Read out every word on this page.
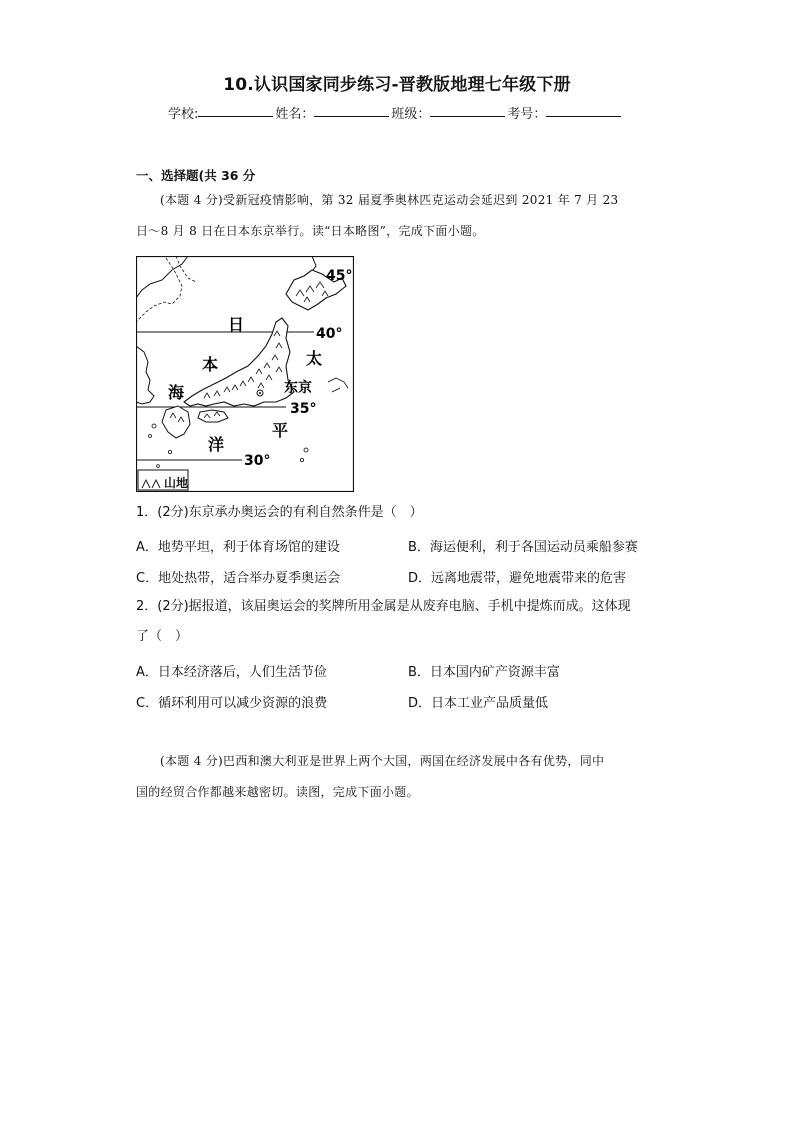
10.认识国家同步练习-晋教版地理七年级下册
学校:	姓名：	班级：	考号：
一、选择题(共 36 分
(本题 4 分)受新冠疫情影响，第 32 届夏季奥林匹克运动会延迟到 2021 年 7 月 23
日～8 月 8 日在日本东京举行。读“日本略图”，完成下面小题。
山地
日
本
海
太
平
洋
东京
45°
40°
35°
30°
1．(2分)东京承办奥运会的有利自然条件是（　）
A．地势平坦，利于体育场馆的建设	B．海运便利，利于各国运动员乘船参赛
C．地处热带，适合举办夏季奥运会	D．远离地震带，避免地震带来的危害
2．(2分)据报道，该届奥运会的奖牌所用金属是从废弃电脑、手机中提炼而成。这体现
了（　）
A．日本经济落后，人们生活节俭	B．日本国内矿产资源丰富
C．循环利用可以减少资源的浪费	D．日本工业产品质量低
(本题 4 分)巴西和澳大利亚是世界上两个大国，两国在经济发展中各有优势，同中
国的经贸合作都越来越密切。读图，完成下面小题。
